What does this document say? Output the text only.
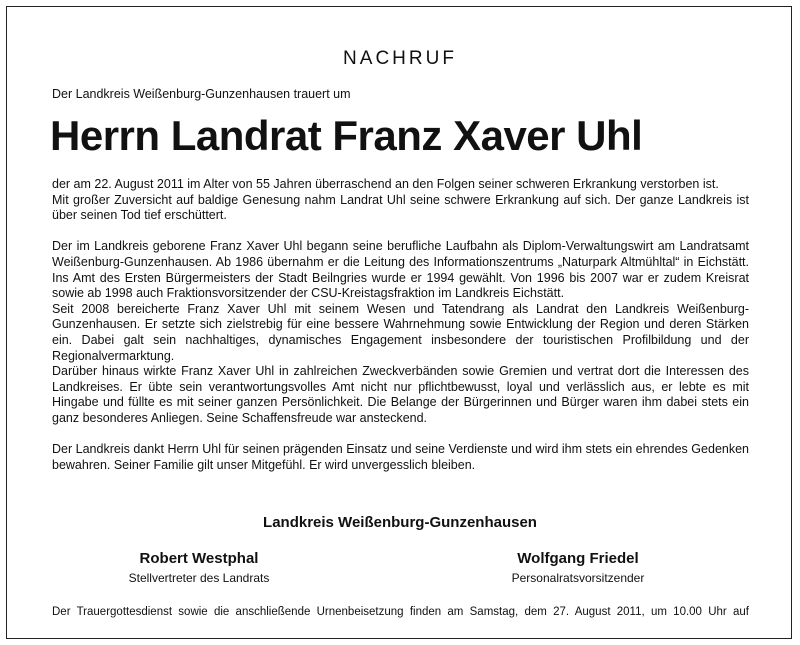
NACHRUF
Der Landkreis Weißenburg-Gunzenhausen trauert um
Herrn Landrat Franz Xaver Uhl

der am 22. August 2011 im Alter von 55 Jahren überraschend an den Folgen seiner schweren Erkrankung verstorben ist.

Mit großer Zuversicht auf baldige Genesung nahm Landrat Uhl seine schwere Erkrankung auf sich. Der ganze Landkreis ist über seinen Tod tief erschüttert.

Der im Landkreis geborene Franz Xaver Uhl begann seine berufliche Laufbahn als Diplom-Verwaltungswirt am Landratsamt Weißenburg-Gunzenhausen. Ab 1986 übernahm er die Leitung des Informationszentrums „Naturpark Altmühltal“ in Eichstätt. Ins Amt des Ersten Bürgermeisters der Stadt Beilngries wurde er 1994 gewählt. Von 1996 bis 2007 war er zudem Kreisrat sowie ab 1998 auch Fraktionsvorsitzender der CSU-Kreistagsfraktion im Landkreis Eichstätt.

Seit 2008 bereicherte Franz Xaver Uhl mit seinem Wesen und Tatendrang als Landrat den Landkreis Weißenburg-Gunzenhausen. Er setzte sich zielstrebig für eine bessere Wahrnehmung sowie Entwicklung der Region und deren Stärken ein. Dabei galt sein nachhaltiges, dynamisches Engagement insbesondere der touristischen Profilbildung und der Regionalvermarktung.

Darüber hinaus wirkte Franz Xaver Uhl in zahlreichen Zweckverbänden sowie Gremien und vertrat dort die Interessen des Landkreises. Er übte sein verantwortungsvolles Amt nicht nur pflichtbewusst, loyal und verlässlich aus, er lebte es mit Hingabe und füllte es mit seiner ganzen Persönlichkeit. Die Belange der Bürgerinnen und Bürger waren ihm dabei stets ein ganz besonderes Anliegen. Seine Schaffensfreude war ansteckend.

Der Landkreis dankt Herrn Uhl für seinen prägenden Einsatz und seine Verdienste und wird ihm stets ein ehrendes Gedenken bewahren. Seiner Familie gilt unser Mitgefühl. Er wird unvergesslich bleiben.

Landkreis Weißenburg-Gunzenhausen
Robert Westphal
Stellvertreter des Landrats
Wolfgang Friedel
Personalratsvorsitzender
Der Trauergottesdienst sowie die anschließende Urnenbeisetzung finden am Samstag, dem 27. August 2011, um 10.00 Uhr auf
